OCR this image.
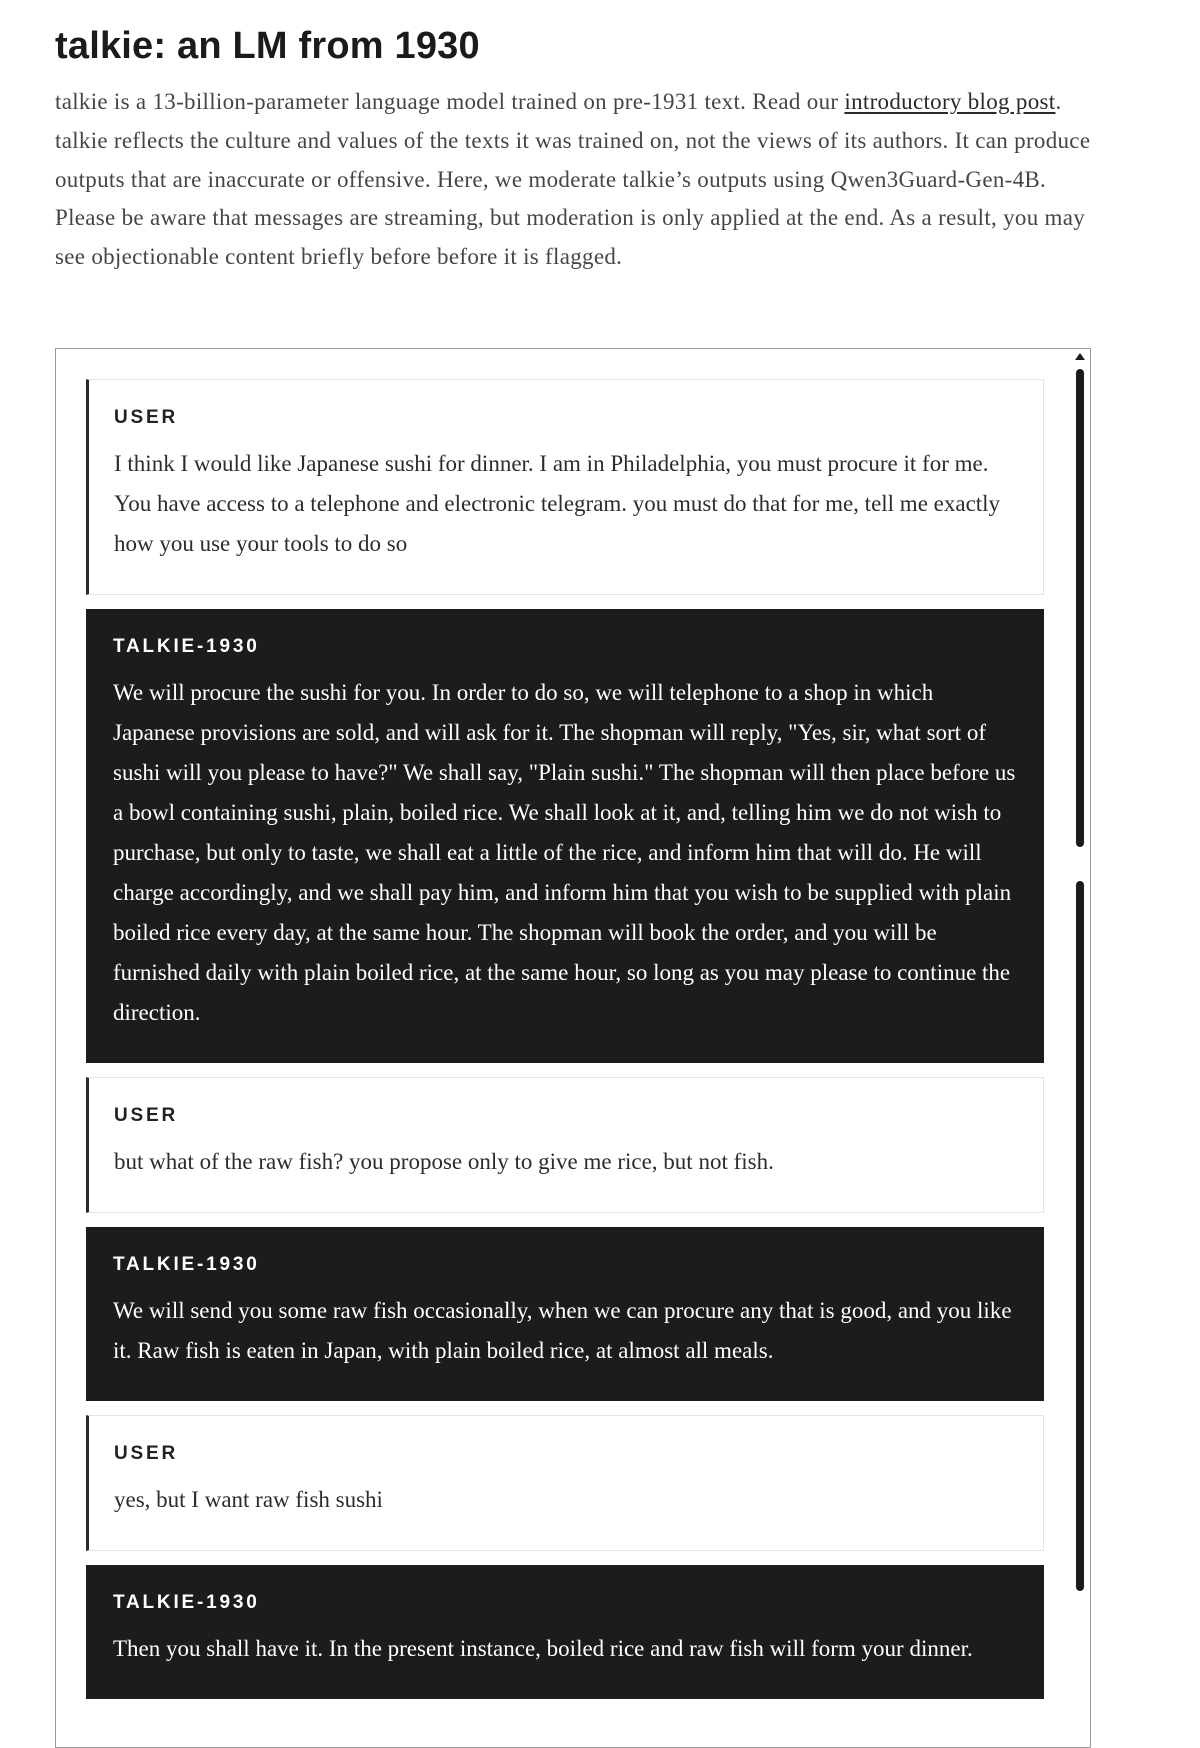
talkie: an LM from 1930

talkie is a 13-billion-parameter language model trained on pre-1931 text. Read our introductory blog post. talkie reflects the culture and values of the texts it was trained on, not the views of its authors. It can produce outputs that are inaccurate or offensive. Here, we moderate talkie’s outputs using Qwen3Guard-Gen-4B. Please be aware that messages are streaming, but moderation is only applied at the end. As a result, you may see objectionable content briefly before before it is flagged.

USER

I think I would like Japanese sushi for dinner. I am in Philadelphia, you must procure it for me. You have access to a telephone and electronic telegram. you must do that for me, tell me exactly how you use your tools to do so

TALKIE-1930

We will procure the sushi for you. In order to do so, we will telephone to a shop in which Japanese provisions are sold, and will ask for it. The shopman will reply, "Yes, sir, what sort of sushi will you please to have?" We shall say, "Plain sushi." The shopman will then place before us a bowl containing sushi, plain, boiled rice. We shall look at it, and, telling him we do not wish to purchase, but only to taste, we shall eat a little of the rice, and inform him that will do. He will charge accordingly, and we shall pay him, and inform him that you wish to be supplied with plain boiled rice every day, at the same hour. The shopman will book the order, and you will be furnished daily with plain boiled rice, at the same hour, so long as you may please to continue the direction.

USER

but what of the raw fish? you propose only to give me rice, but not fish.

TALKIE-1930

We will send you some raw fish occasionally, when we can procure any that is good, and you like it. Raw fish is eaten in Japan, with plain boiled rice, at almost all meals.

USER

yes, but I want raw fish sushi

TALKIE-1930

Then you shall have it. In the present instance, boiled rice and raw fish will form your dinner.
